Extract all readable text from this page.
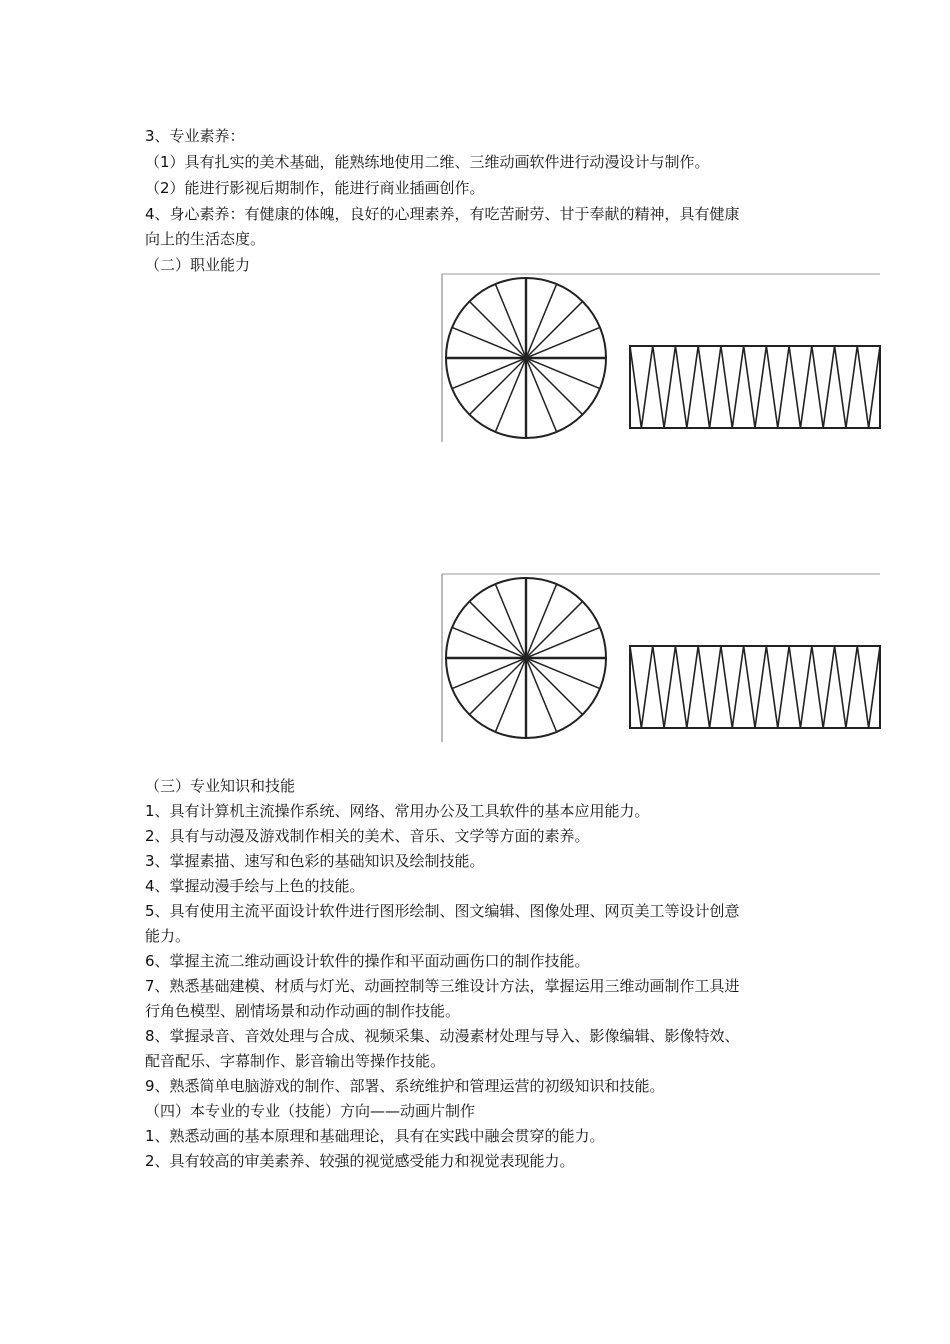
3、专业素养：
（1）具有扎实的美术基础，能熟练地使用二维、三维动画软件进行动漫设计与制作。
（2）能进行影视后期制作，能进行商业插画创作。
4、身心素养：有健康的体魄，良好的心理素养，有吃苦耐劳、甘于奉献的精神，具有健康
向上的生活态度。
（二）职业能力
（三）专业知识和技能
1、具有计算机主流操作系统、网络、常用办公及工具软件的基本应用能力。
2、具有与动漫及游戏制作相关的美术、音乐、文学等方面的素养。
3、掌握素描、速写和色彩的基础知识及绘制技能。
4、掌握动漫手绘与上色的技能。
5、具有使用主流平面设计软件进行图形绘制、图文编辑、图像处理、网页美工等设计创意
能力。
6、掌握主流二维动画设计软件的操作和平面动画伤口的制作技能。
7、熟悉基础建模、材质与灯光、动画控制等三维设计方法，掌握运用三维动画制作工具进
行角色模型、剧情场景和动作动画的制作技能。
8、掌握录音、音效处理与合成、视频采集、动漫素材处理与导入、影像编辑、影像特效、
配音配乐、字幕制作、影音输出等操作技能。
9、熟悉简单电脑游戏的制作、部署、系统维护和管理运营的初级知识和技能。
（四）本专业的专业（技能）方向——动画片制作
1、熟悉动画的基本原理和基础理论，具有在实践中融会贯穿的能力。
2、具有较高的审美素养、较强的视觉感受能力和视觉表现能力。
